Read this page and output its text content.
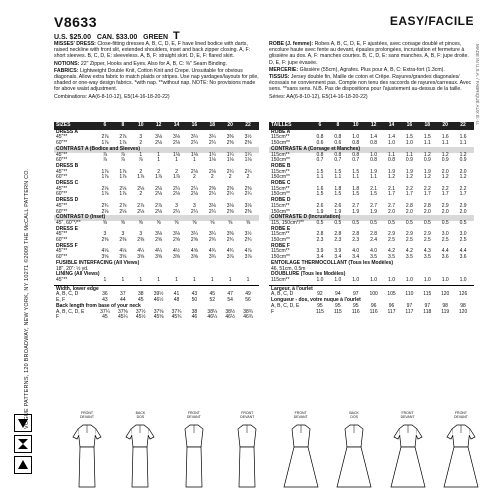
VOGUE PATTERNS, 120 BROADWAY, NEW YORK, NY 10271 ©2009 THE McCALL PATTERN CO.
MADE IN U.S.A. / FABRIQUÉ AUX É.-U.
V8633	EASY/FACILE
U.S. $25.00 CAN. $33.00 GREEN T

MISSES' DRESS: Close-fitting dresses A, B, C, D, E, F have lined bodice with darts, raised neckline with front slit, extended shoulders, inset and back zipper closing. A, F: short sleeves. B, C, D, E: sleeveless. A, B, F: straight skirt. D, E, F: flared skirt.

NOTIONS: 22" Zipper, Hooks and Eyes. Also for A, B, C: ⅜" Seam Binding.

FABRICS: Lightweight Double Knit, Cotton Knit and Crepe. Unsuitable for obvious diagonals. Allow extra fabric to match plaids or stripes. Use nap yardages/layouts for pile, shaded or one-way design fabrics. *with nap. **without nap. NOTE: No provisions made for above waist adjustment.

Combinations: AA(6-8-10-12), E5(14-16-18-20-22)

ROBE (J. femme): Robes A, B, C, D, E, F ajustées, avec corsage doublé et pinces, encolure haute avec fente au devant, épaules prolongées, incrustation et fermeture à glissière au dos. A, F: manches courtes. B, C, D, E: sans manches. A, B, F: jupe droite. D, E, F: jupe évasée.

MERCERIE: Glissière (55cm), Agrafes. Plus pour A, B, C: Extra-fort (1.3cm).

TISSUS: Jersey double fin, Maille de coton et Crêpe. Rayures/grandes diagonales/écossais ne conviennent pas. Compte non tenu des raccords de rayures/carreaux. Avec sens. **sans sens. N.B. Pas de dispositions pour l'ajustement au-dessus de la taille.

Séries: AA(6-8-10-12), E5(14-16-18-20-22)

SIZES	6	8	10	12	14	16	18	20	22
DRESS A
45"**	2⅞	2⅞	3	3⅛	3⅛	3¼	3¼	3⅜	3½
60"**	1⅞	1⅞	2	2⅛	2⅛	2¼	2¼	2⅜	2⅜
CONTRAST A (Bodice and Sleeves)
45"**	⅞	⅞	1	1	1⅛	1⅛	1¼	1¼	1¼
60"**	⅞	⅞	⅞	1	1	1	1⅛	1⅛	1⅛
DRESS B
45"**	1⅞	1⅞	2	2	2	2⅛	2⅛	2¼	2¼
60"**	1⅞	1⅞	1⅞	1⅞	1⅞	2	2	2	2
DRESS C
45"**	2⅛	2⅛	2⅛	2⅛	2¼	2¼	2⅜	2⅜	2⅜
60"**	1⅞	1⅞	2	2⅛	2⅛	2⅛	2¼	2¼	2¼
DRESS D
45"**	2¾	2⅞	2⅞	2⅞	3	3	3⅛	3⅛	3⅛
60"**	2⅛	2⅛	2⅛	2⅛	2¼	2¼	2¼	2⅜	2⅜
CONTRAST D (Inset)
45", 60"*/**	⅝	⅝	⅝	⅝	⅝	⅝	⅝	⅝	⅝
DRESS E
45"**	3	3	3	3⅛	3⅛	3¼	3¼	3⅜	3½
60"**	2⅜	2⅜	2⅜	2⅝	2⅝	2⅝	2¾	2¾	2¾
DRESS F
45"**	4⅛	4⅛	4¼	4¼	4½	4⅝	4¾	4¾	4⅞
60"**	3⅝	3⅝	3⅝	3⅝	3⅝	3⅝	3¾	3⅞	3⅞
FUSIBLE INTERFACING (All Views)
18", 20": ½ yd.
LINING (All Views)
45"**	1	1	1	1	1	1	1	1	1
Width, lower edge
A, B, C, D	36	37	38	39½	41	43	45	47	49
E, F	43	44	45	46½	48	50	52	54	56
Back length from base of your neck
A, B, C, D, E	37¼	37⅜	37½	37⅝	37¾	38	38¼	38½	38¾
F	45	45¼	45½	45⅝	45¾	46	46¼	46½	46¾
TAILLES	6	8	10	12	14	16	18	20	22
ROBE A
115cm**	0.8	0.8	1.0	1.4	1.4	1.5	1.5	1.6	1.6
150cm**	0.6	0.6	0.8	0.8	1.0	1.0	1.1	1.1	1.1
CONTRASTE A (Corsage et Manches)
115cm**	0.8	0.8	0.8	1.0	1.1	1.1	1.2	1.2	1.2
150cm**	0.7	0.7	0.7	0.8	0.8	0.9	0.9	0.9	0.9
ROBE B
115cm**	1.5	1.5	1.5	1.9	1.9	1.9	1.9	2.0	2.0
150cm**	1.1	1.1	1.1	1.1	1.2	1.2	1.2	1.2	1.2
ROBE C
115cm**	1.6	1.8	1.8	2.1	2.1	2.2	2.2	2.2	2.2
150cm**	1.5	1.5	1.5	1.5	1.7	1.7	1.7	1.7	1.7
ROBE D
115cm**	2.6	2.6	2.7	2.7	2.7	2.8	2.8	2.9	2.9
150cm**	1.9	1.9	1.9	1.9	2.0	2.0	2.0	2.0	2.0
CONTRASTE D (Incrustation)
115, 150cm*/**	0.5	0.5	0.5	0.5	0.5	0.5	0.5	0.5	0.5
ROBE E
115cm**	2.8	2.8	2.8	2.8	2.9	2.9	2.9	3.0	3.0
150cm**	2.3	2.3	2.3	2.4	2.5	2.5	2.5	2.5	2.5
ROBE F
115cm**	3.9	3.9	4.0	4.0	4.2	4.2	4.3	4.4	4.4
150cm**	3.4	3.4	3.4	3.5	3.5	3.5	3.5	3.6	3.6
ENTOILAGE THERMOCOLLANT (Tous les Modèles)
46, 51cm, 0.5m
DOUBLURE (Tous les Modèles)
115cm**	1.0	1.0	1.0	1.0	1.0	1.0	1.0	1.0	1.0
Largeur, à l'ourlet
A, B, C, D	92	94	97	100	105	110	115	120	126
Longueur - dos, votre nuque à l'ourlet
A, B, C, D, E	95	95	95	96	96	97	97	98	98
F	115	115	116	116	117	117	118	119	120
FRONT
DEVANT
BACK
DOS
FRONT
DEVANT
FRONT
DEVANT
FRONT
DEVANT
BACK
DOS
FRONT
DEVANT
FRONT
DEVANT
